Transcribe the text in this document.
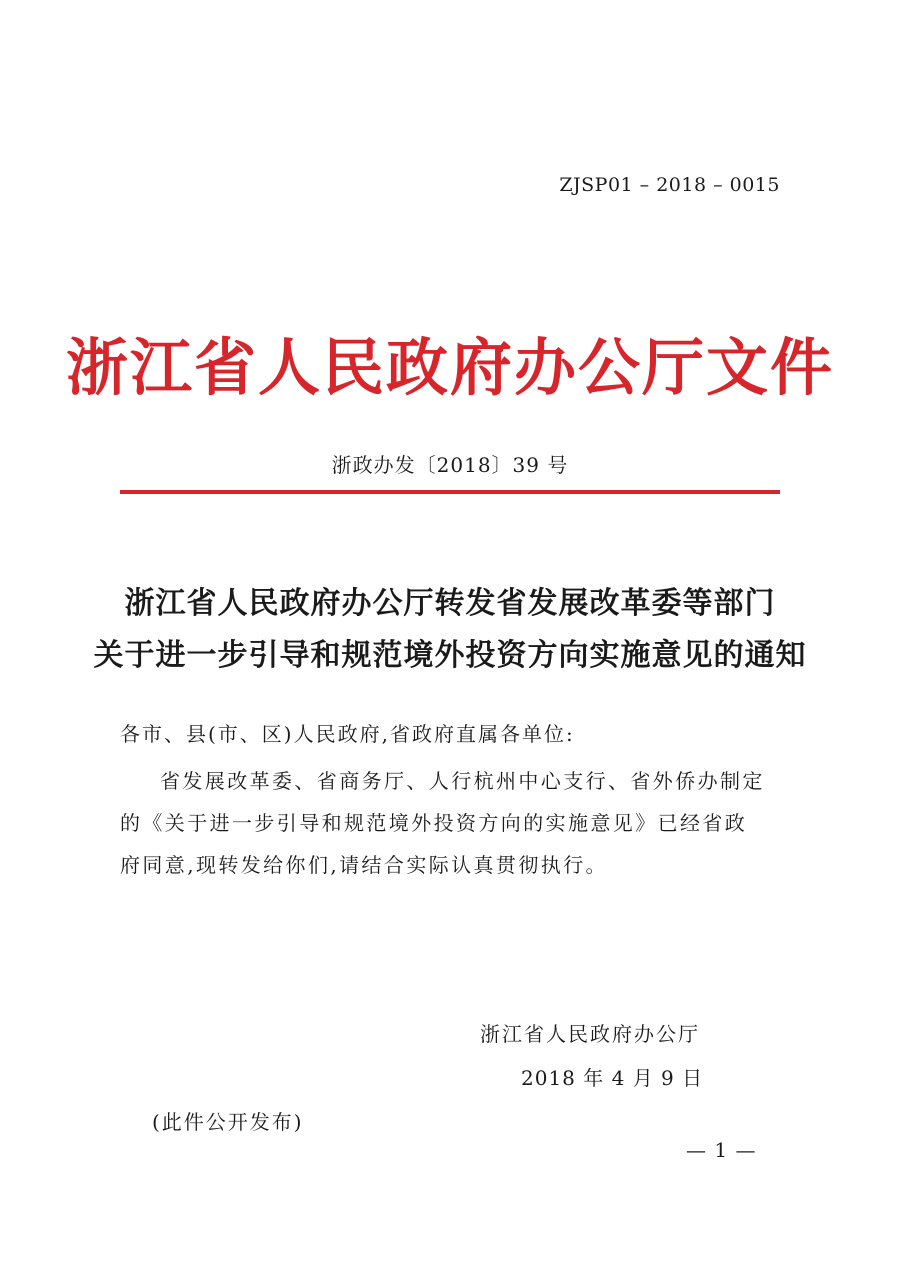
ZJSP01 – 2018 – 0015
浙江省人民政府办公厅文件
浙政办发〔2018〕39 号
浙江省人民政府办公厅转发省发展改革委等部门
关于进一步引导和规范境外投资方向实施意见的通知
各市、县(市、区)人民政府,省政府直属各单位:
省发展改革委、省商务厅、人行杭州中心支行、省外侨办制定
的《关于进一步引导和规范境外投资方向的实施意见》已经省政
府同意,现转发给你们,请结合实际认真贯彻执行。
浙江省人民政府办公厅
2018 年 4 月 9 日
(此件公开发布)
— 1 —
